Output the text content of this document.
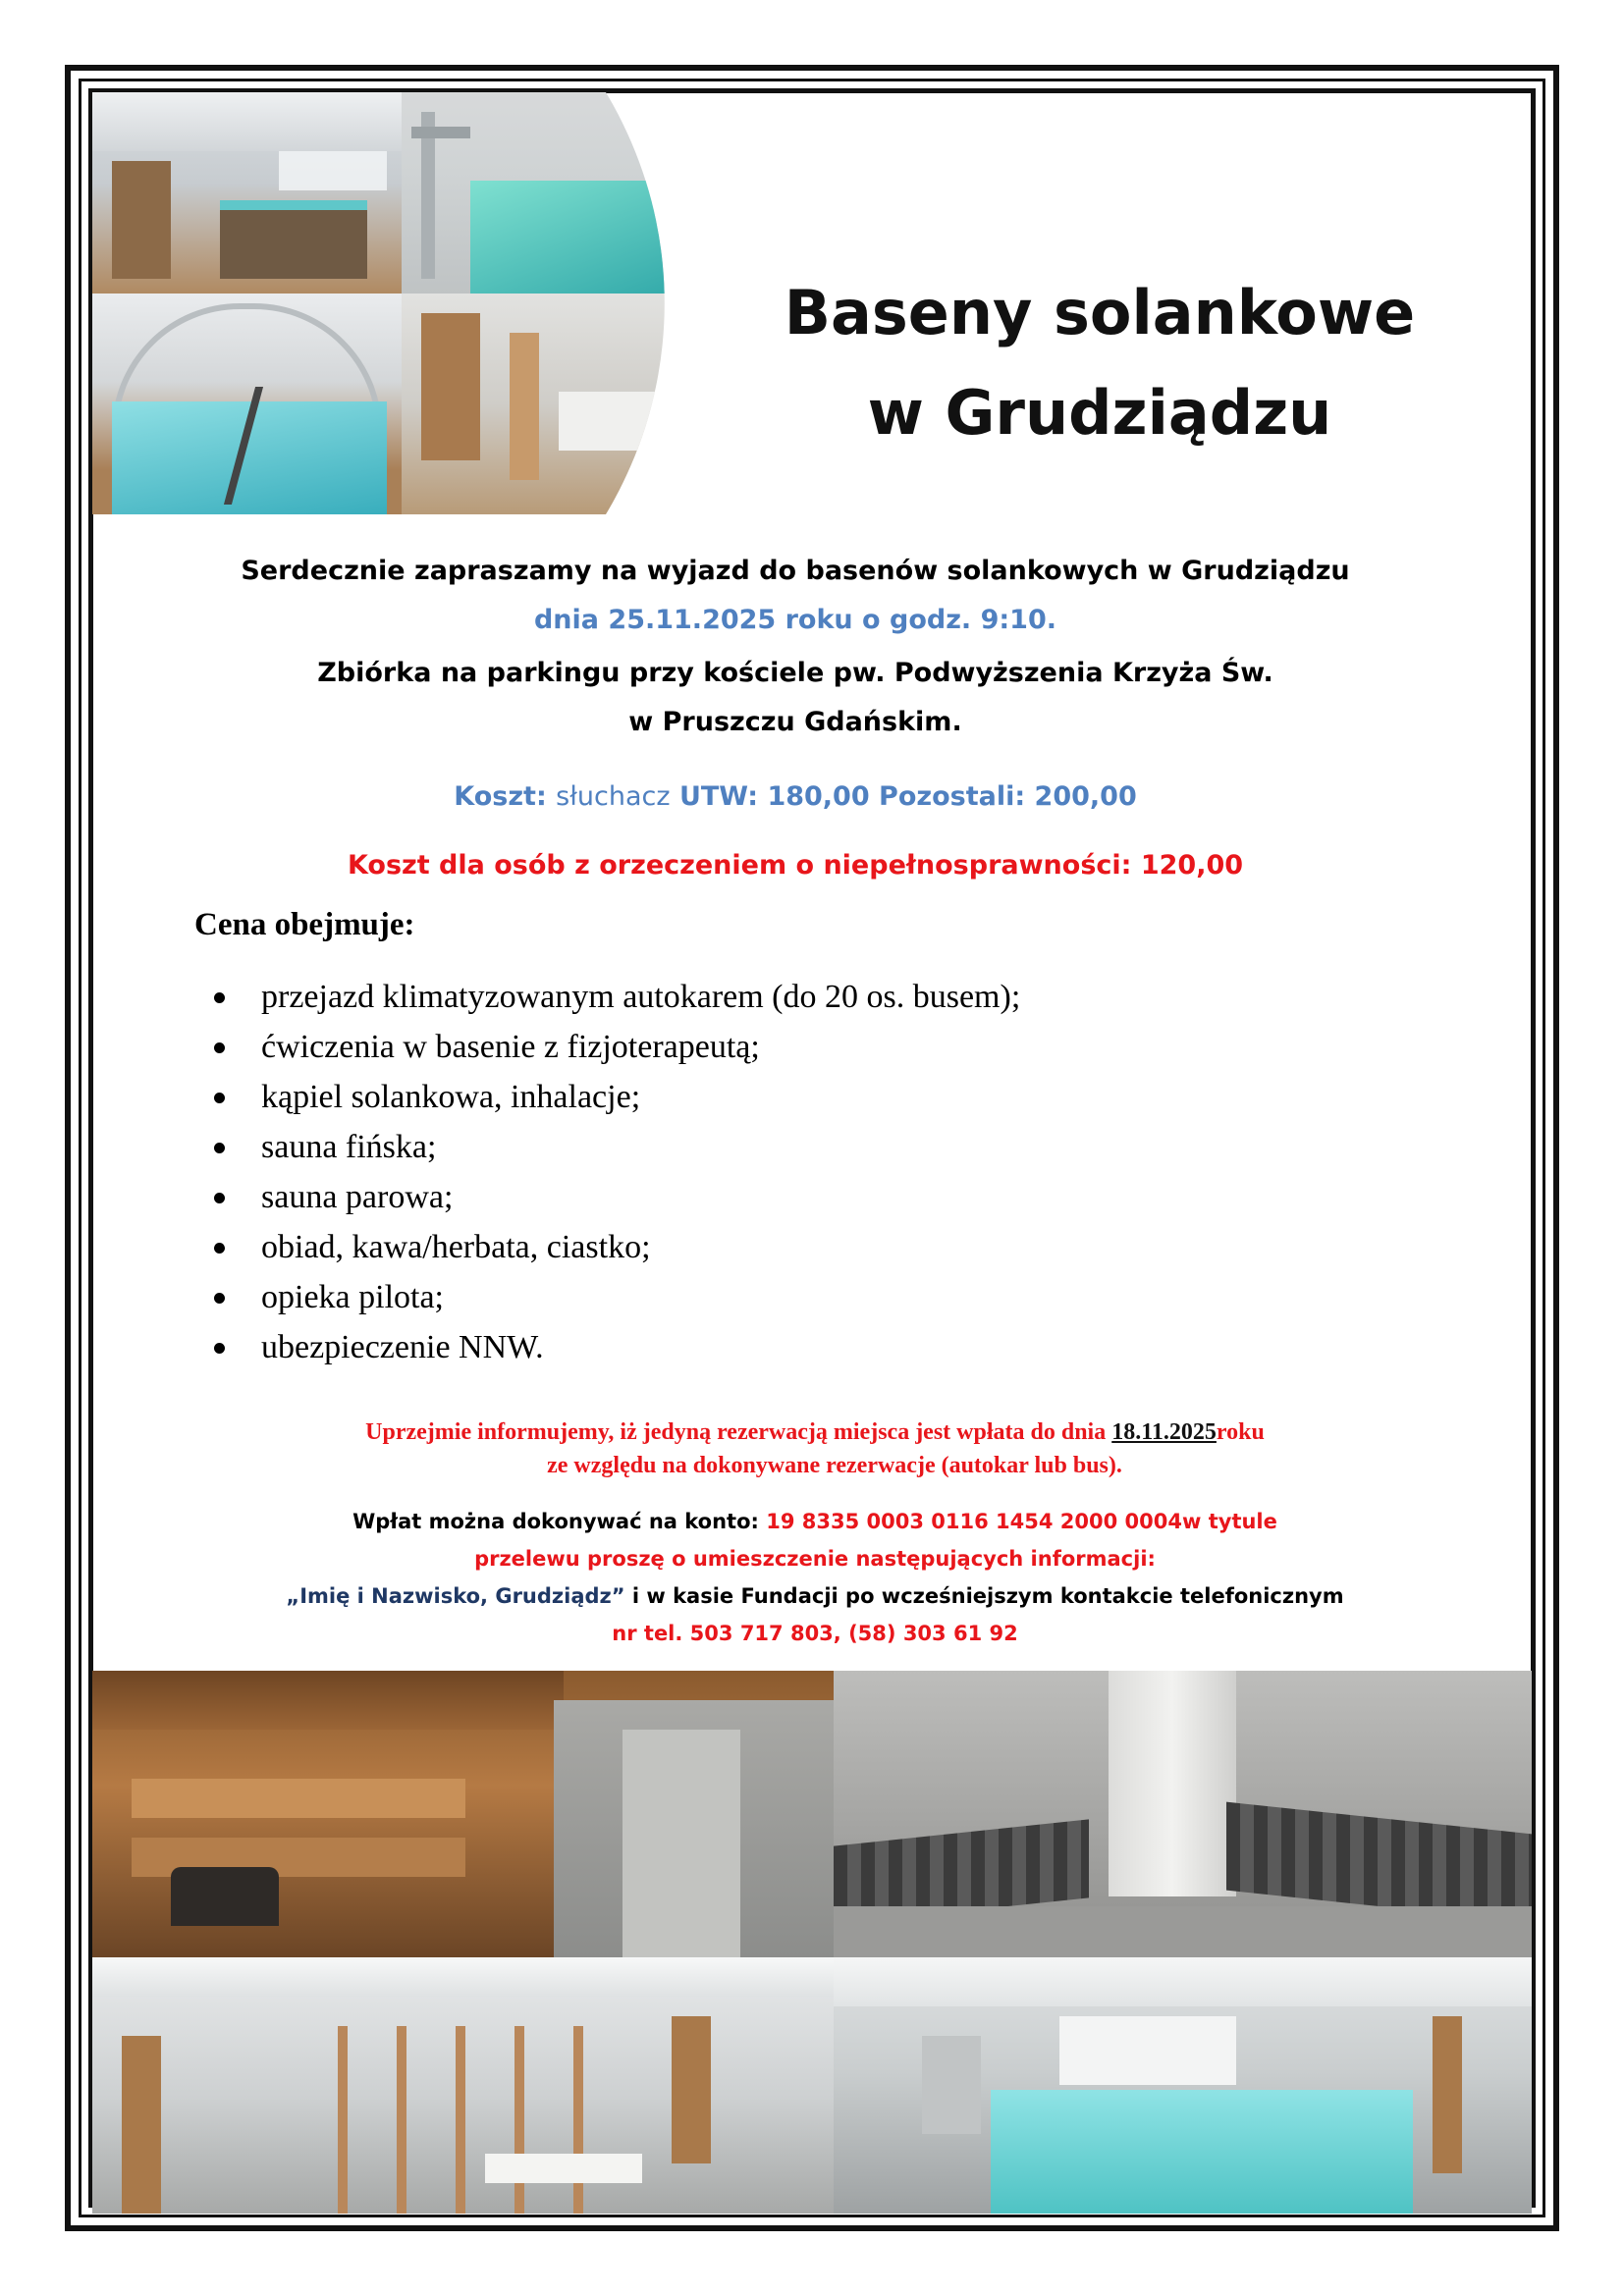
Baseny solankowe
w Grudziądzu
Serdecznie zapraszamy na wyjazd do basenów solankowych w Grudziądzu
dnia 25.11.2025 roku o godz. 9:10.
Zbiórka na parkingu przy kościele pw. Podwyższenia Krzyża Św.
w Pruszczu Gdańskim.
Koszt: słuchacz UTW: 180,00 Pozostali: 200,00
Koszt dla osób z orzeczeniem o niepełnosprawności: 120,00
Cena obejmuje:
przejazd klimatyzowanym autokarem (do 20 os. busem);
ćwiczenia w basenie z fizjoterapeutą;
kąpiel solankowa, inhalacje;
sauna fińska;
sauna parowa;
obiad, kawa/herbata, ciastko;
opieka pilota;
ubezpieczenie NNW.
Uprzejmie informujemy, iż jedyną rezerwacją miejsca jest wpłata do dnia 18.11.2025roku
ze względu na dokonywane rezerwacje (autokar lub bus).
Wpłat można dokonywać na konto: 19 8335 0003 0116 1454 2000 0004w tytule
przelewu proszę o umieszczenie następujących informacji:
„Imię i Nazwisko, Grudziądz” i w kasie Fundacji po wcześniejszym kontakcie telefonicznym
nr tel. 503 717 803, (58) 303 61 92
